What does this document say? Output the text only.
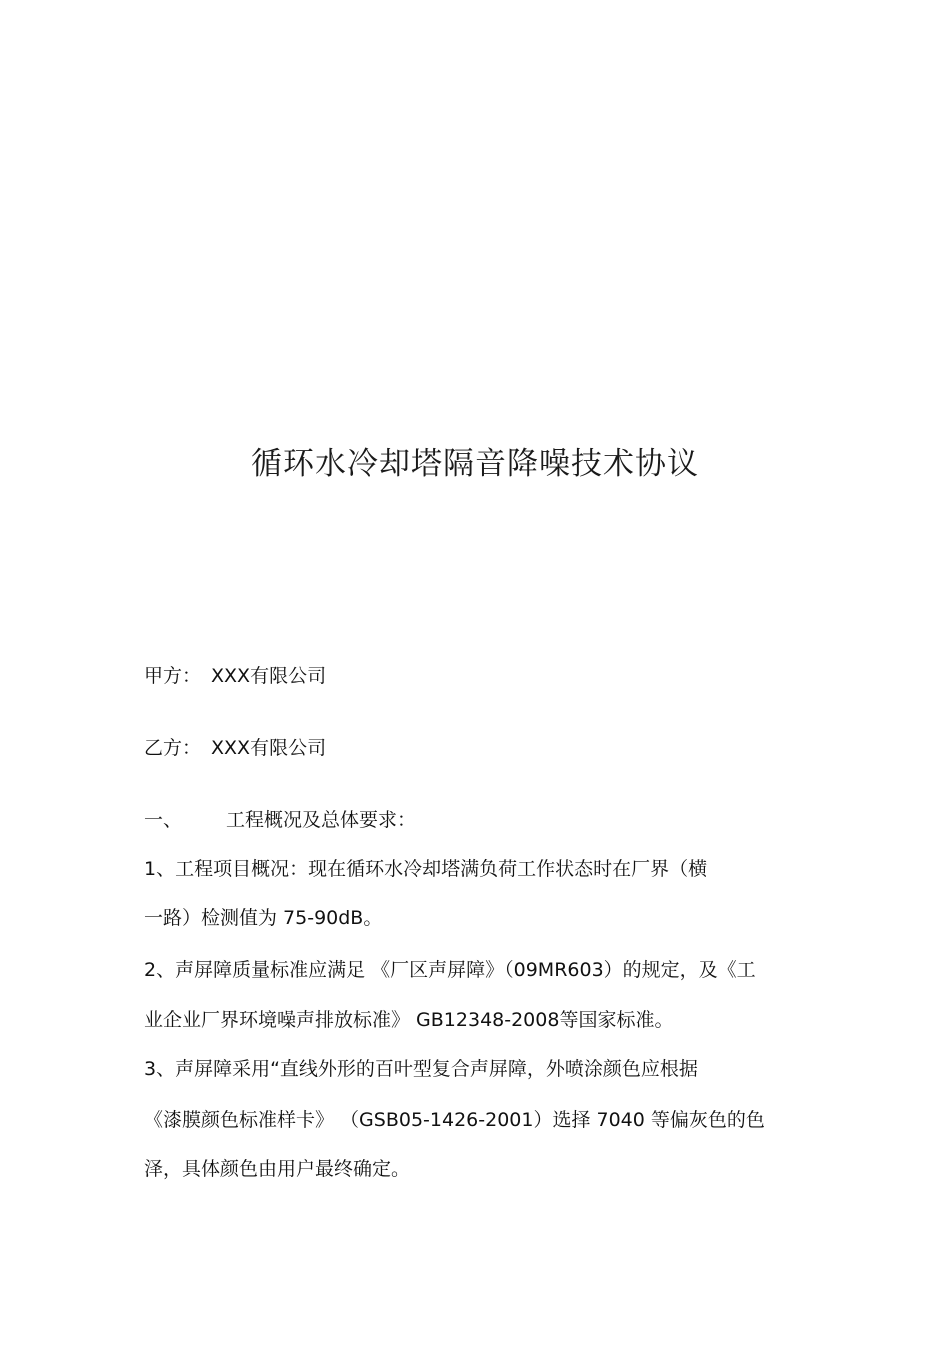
循环水冷却塔隔音降噪技术协议
甲方： XXX有限公司
乙方： XXX有限公司
一、 工程概况及总体要求：
1、工程项目概况：现在循环水冷却塔满负荷工作状态时在厂界（横
一路）检测值为 75-90dB。
2、声屏障质量标准应满足 《厂区声屏障》（09MR603）的规定，及《工
业企业厂界环境噪声排放标准》 GB12348-2008等国家标准。
3、声屏障采用“直线外形的百叶型复合声屏障，外喷涂颜色应根据
《漆膜颜色标准样卡》 （GSB05-1426-2001）选择 7040 等偏灰色的色
泽，具体颜色由用户最终确定。
